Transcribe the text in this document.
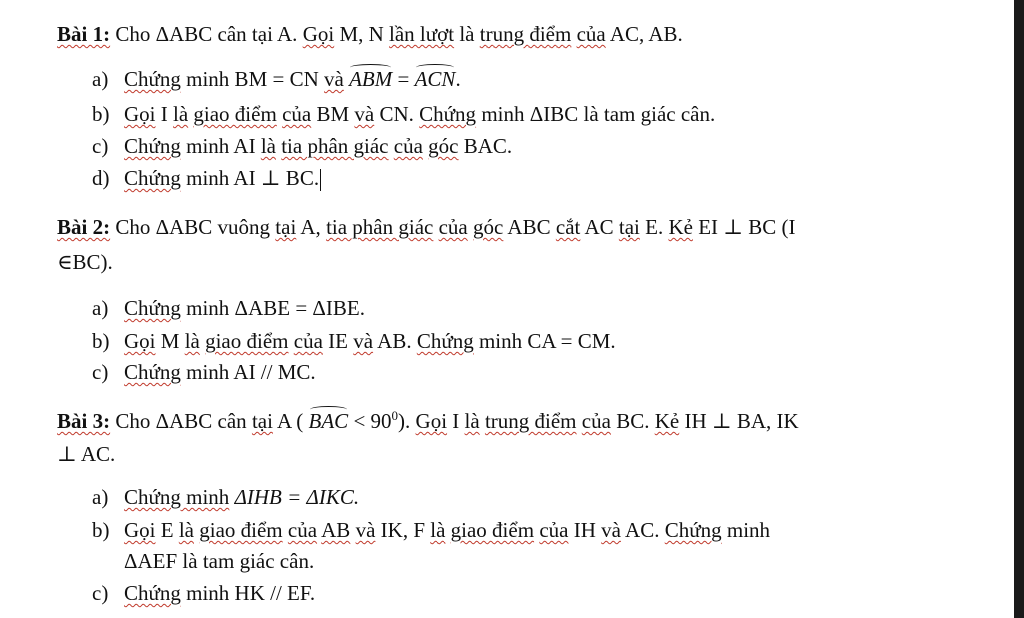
Bài 1: Cho ΔABC cân tại A. Gọi M, N lần lượt là trung điểm của AC, AB.
a) Chứng minh BM = CN và ABM = ACN.
b) Gọi I là giao điểm của BM và CN. Chứng minh ΔIBC là tam giác cân.
c) Chứng minh AI là tia phân giác của góc BAC.
d) Chứng minh AI ⊥ BC.
Bài 2: Cho ΔABC vuông tại A, tia phân giác của góc ABC cắt AC tại E. Kẻ EI ⊥ BC (I
∈BC).
a) Chứng minh ΔABE = ΔIBE.
b) Gọi M là giao điểm của IE và AB. Chứng minh CA = CM.
c) Chứng minh AI // MC.
Bài 3: Cho ΔABC cân tại A ( BAC < $90^0$). Gọi I là trung điểm của BC. Kẻ IH ⊥ BA, IK
⊥ AC.
a) Chứng minh ΔIHB = ΔIKC.
b) Gọi E là giao điểm của AB và IK, F là giao điểm của IH và AC. Chứng minh
ΔAEF là tam giác cân.
c) Chứng minh HK // EF.
